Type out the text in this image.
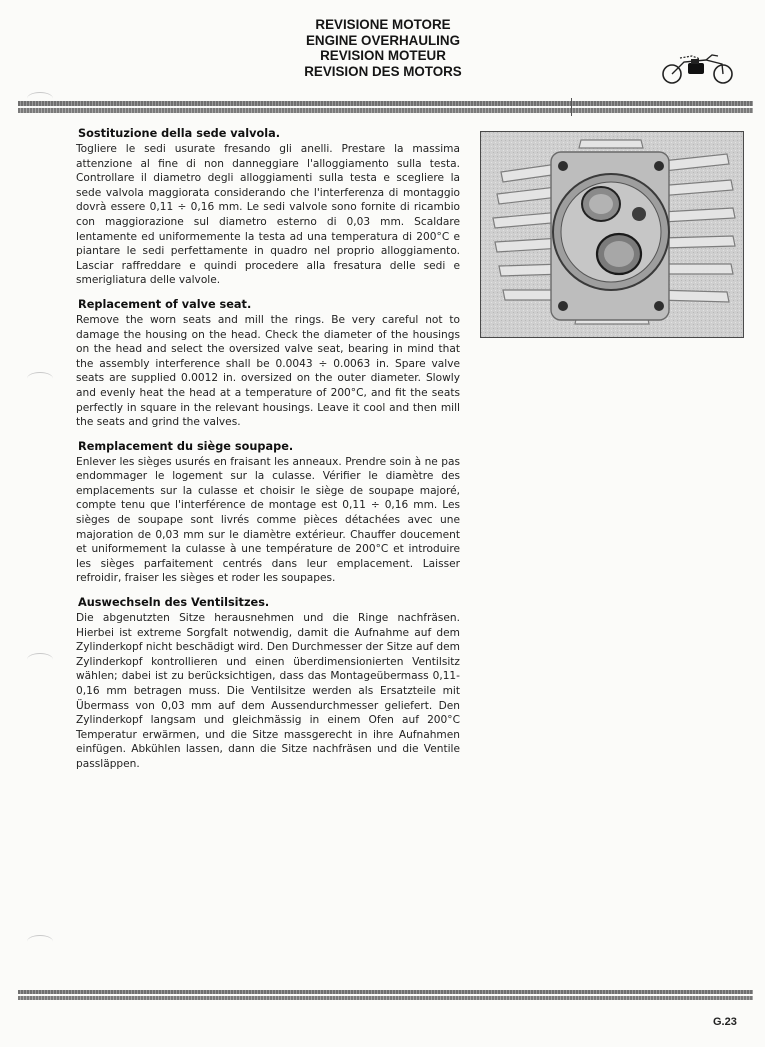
REVISIONE MOTORE
ENGINE OVERHAULING
REVISION MOTEUR
REVISION DES MOTORS
Sostituzione della sede valvola.

Togliere le sedi usurate fresando gli anelli. Prestare la massima attenzione al fine di non danneggiare l'alloggiamento sulla testa. Controllare il diametro degli alloggiamenti sulla testa e scegliere la sede valvola maggiorata considerando che l'interferenza di montaggio dovrà essere 0,11 ÷ 0,16 mm. Le sedi valvole sono fornite di ricambio con maggiorazione sul diametro esterno di 0,03 mm. Scaldare lentamente ed uniformemente la testa ad una temperatura di 200°C e piantare le sedi perfettamente in quadro nel proprio alloggiamento. Lasciar raffreddare e quindi procedere alla fresatura delle sedi e smerigliatura delle valvole.

Replacement of valve seat.

Remove the worn seats and mill the rings. Be very careful not to damage the housing on the head. Check the diameter of the housings on the head and select the oversized valve seat, bearing in mind that the assembly interference shall be 0.0043 ÷ 0.0063 in. Spare valve seats are supplied 0.0012 in. oversized on the outer diameter. Slowly and evenly heat the head at a temperature of 200°C, and fit the seats perfectly in square in the relevant housings. Leave it cool and then mill the seats and grind the valves.

Remplacement du siège soupape.

Enlever les sièges usurés en fraisant les anneaux. Prendre soin à ne pas endommager le logement sur la culasse. Vérifier le diamètre des emplacements sur la culasse et choisir le siège de soupape majoré, compte tenu que l'interférence de montage est 0,11 ÷ 0,16 mm. Les sièges de soupape sont livrés comme pièces détachées avec une majoration de 0,03 mm sur le diamètre extérieur. Chauffer doucement et uniformement la culasse à une température de 200°C et introduire les sièges parfaitement centrés dans leur emplacement. Laisser refroidir, fraiser les sièges et roder les soupapes.

Auswechseln des Ventilsitzes.

Die abgenutzten Sitze herausnehmen und die Ringe nachfräsen. Hierbei ist extreme Sorgfalt notwendig, damit die Aufnahme auf dem Zylinderkopf nicht beschädigt wird. Den Durchmesser der Sitze auf dem Zylinderkopf kontrollieren und einen überdimensionierten Ventilsitz wählen; dabei ist zu berücksichtigen, dass das Montageübermass 0,11-0,16 mm betragen muss. Die Ventilsitze werden als Ersatzteile mit Übermass von 0,03 mm auf dem Aussendurchmesser geliefert. Den Zylinderkopf langsam und gleichmässig in einem Ofen auf 200°C Temperatur erwärmen, und die Sitze massgerecht in ihre Aufnahmen einfügen. Abkühlen lassen, dann die Sitze nachfräsen und die Ventile passläppen.

G.23
